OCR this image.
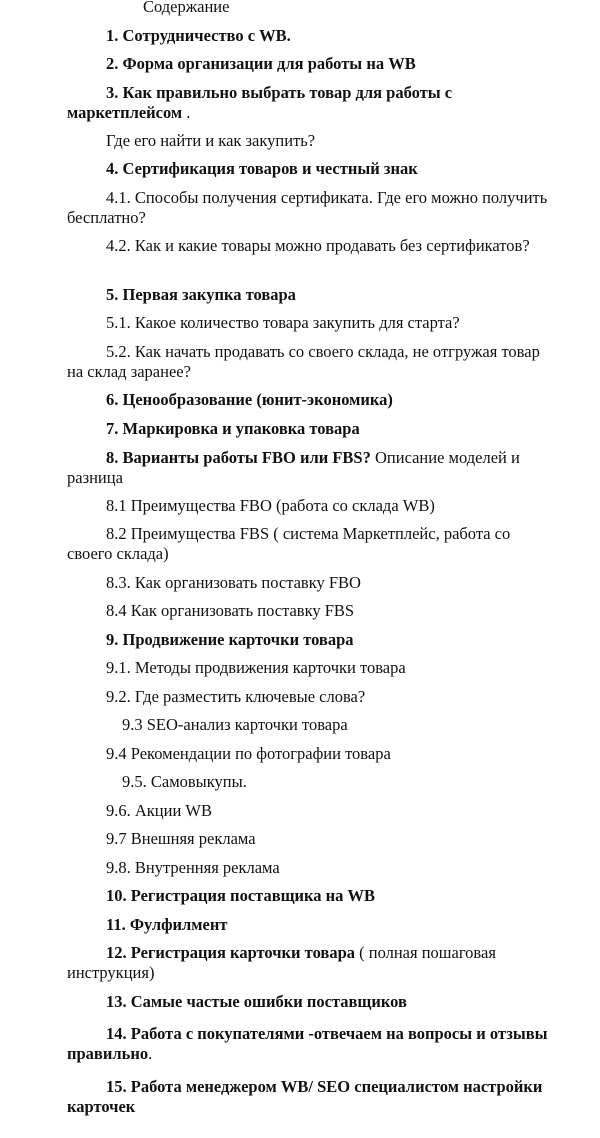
Содержание

1. Сотрудничество с WB.

2. Форма организации для работы на WB

3. Как правильно выбрать товар для работы с маркетплейсом .

Где его найти и как закупить?

4. Сертификация товаров и честный знак

4.1. Способы получения сертификата. Где его можно получить бесплатно?

4.2. Как и какие товары можно продавать без сертификатов?

5. Первая закупка товара

5.1. Какое количество товара закупить для старта?

5.2. Как начать продавать со своего склада, не отгружая товар на склад заранее?

6. Ценообразование (юнит-экономика)

7. Маркировка и упаковка товара

8. Варианты работы FBO или FBS? Описание моделей и разница

8.1 Преимущества FBO (работа со склада WB)

8.2 Преимущества FBS ( система Маркетплейс, работа со своего склада)

8.3. Как организовать поставку FBO

8.4 Как организовать поставку FBS

9. Продвижение карточки товара

9.1. Методы продвижения карточки товара

9.2. Где разместить ключевые слова?

9.3 SEO-анализ карточки товара

9.4 Рекомендации по фотографии товара

9.5. Самовыкупы.

9.6. Акции WB

9.7 Внешняя реклама

9.8. Внутренняя реклама

10. Регистрация поставщика на WB

11. Фулфилмент

12. Регистрация карточки товара ( полная пошаговая инструкция)

13. Самые частые ошибки поставщиков

14. Работа с покупателями -отвечаем на вопросы и отзывы правильно.

15. Работа менеджером WB/ SEO специалистом настройки карточек
